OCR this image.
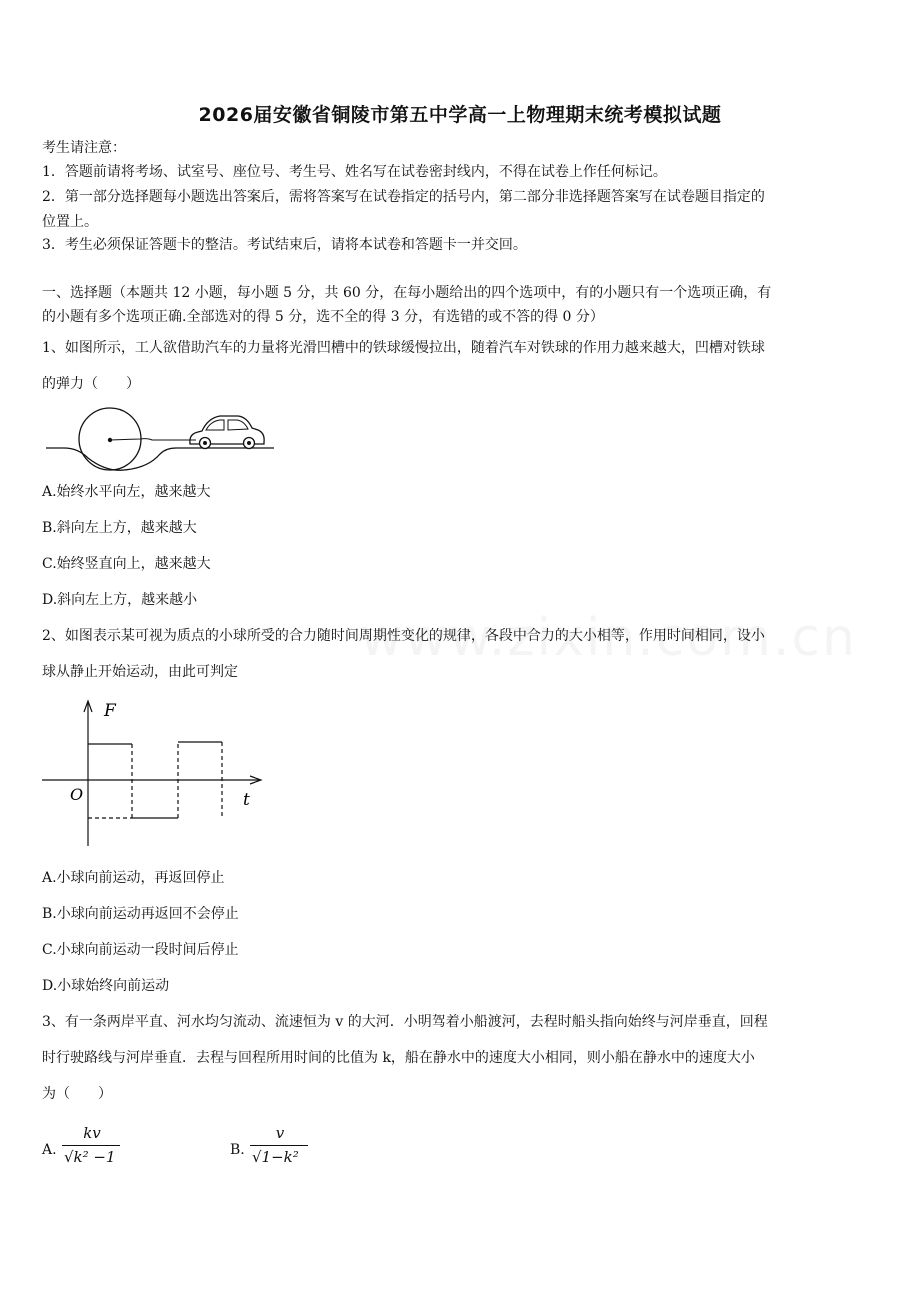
2026届安徽省铜陵市第五中学高一上物理期末统考模拟试题
考生请注意：
1．答题前请将考场、试室号、座位号、考生号、姓名写在试卷密封线内，不得在试卷上作任何标记。
2．第一部分选择题每小题选出答案后，需将答案写在试卷指定的括号内，第二部分非选择题答案写在试卷题目指定的
位置上。
3．考生必须保证答题卡的整洁。考试结束后，请将本试卷和答题卡一并交回。
一、选择题（本题共 12 小题，每小题 5 分，共 60 分，在每小题给出的四个选项中，有的小题只有一个选项正确，有
的小题有多个选项正确.全部选对的得 5 分，选不全的得 3 分，有选错的或不答的得 0 分）
1、如图所示，工人欲借助汽车的力量将光滑凹槽中的铁球缓慢拉出，随着汽车对铁球的作用力越来越大，凹槽对铁球
的弹力（　　）
A.始终水平向左，越来越大
B.斜向左上方，越来越大
C.始终竖直向上，越来越大
D.斜向左上方，越来越小
2、如图表示某可视为质点的小球所受的合力随时间周期性变化的规律，各段中合力的大小相等，作用时间相同，设小
球从静止开始运动，由此可判定
F
t
O
A.小球向前运动，再返回停止
B.小球向前运动再返回不会停止
C.小球向前运动一段时间后停止
D.小球始终向前运动
3、有一条两岸平直、河水均匀流动、流速恒为 v 的大河．小明驾着小船渡河，去程时船头指向始终与河岸垂直，回程
时行驶路线与河岸垂直．去程与回程所用时间的比值为 k，船在静水中的速度大小相同，则小船在静水中的速度大小
为（　　）
A.
kv
√k² −1	B.
v
√1−k²
